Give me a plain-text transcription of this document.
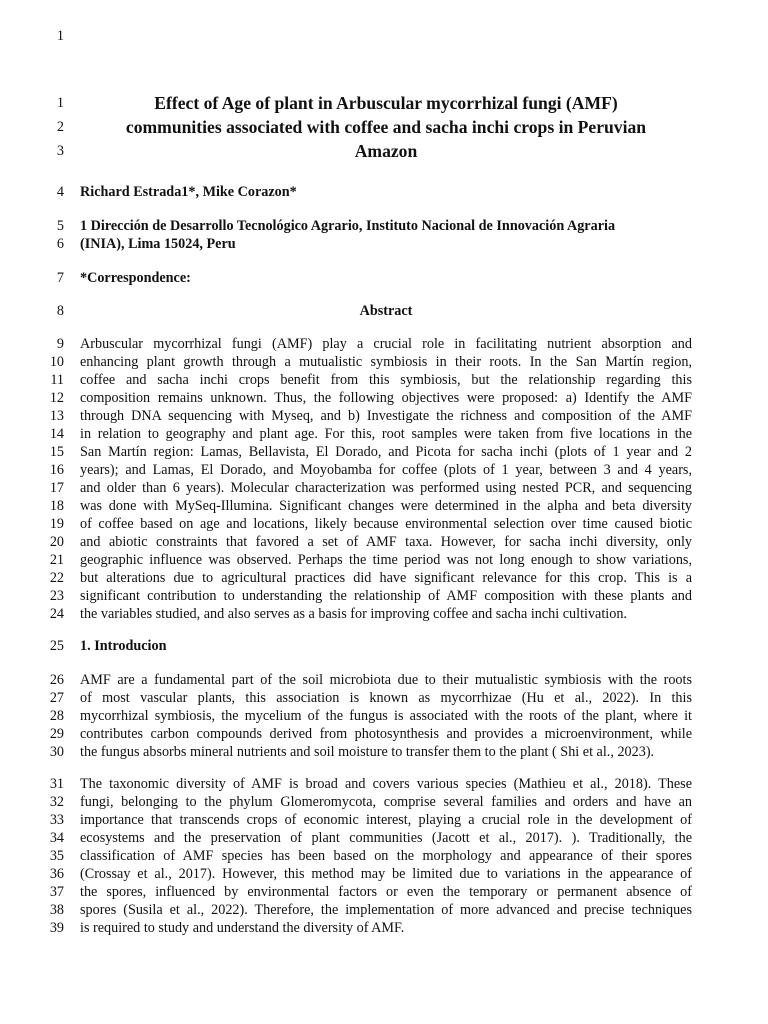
1
1	Effect of Age of plant in Arbuscular mycorrhizal fungi (AMF)
2	communities associated with coffee and sacha inchi crops in Peruvian
3	Amazon
4 Richard Estrada1*, Mike Corazon*
5 1 Dirección de Desarrollo Tecnológico Agrario, Instituto Nacional de Innovación Agraria
6 (INIA), Lima 15024, Peru
7 *Correspondence:
8	Abstract
9 Arbuscular mycorrhizal fungi (AMF) play a crucial role in facilitating nutrient absorption and
10 enhancing plant growth through a mutualistic symbiosis in their roots. In the San Martín region,
11 coffee and sacha inchi crops benefit from this symbiosis, but the relationship regarding this
12 composition remains unknown. Thus, the following objectives were proposed: a) Identify the AMF
13 through DNA sequencing with Myseq, and b) Investigate the richness and composition of the AMF
14 in relation to geography and plant age. For this, root samples were taken from five locations in the
15 San Martín region: Lamas, Bellavista, El Dorado, and Picota for sacha inchi (plots of 1 year and 2
16 years); and Lamas, El Dorado, and Moyobamba for coffee (plots of 1 year, between 3 and 4 years,
17 and older than 6 years). Molecular characterization was performed using nested PCR, and sequencing
18 was done with MySeq-Illumina. Significant changes were determined in the alpha and beta diversity
19 of coffee based on age and locations, likely because environmental selection over time caused biotic
20 and abiotic constraints that favored a set of AMF taxa. However, for sacha inchi diversity, only
21 geographic influence was observed. Perhaps the time period was not long enough to show variations,
22 but alterations due to agricultural practices did have significant relevance for this crop. This is a
23 significant contribution to understanding the relationship of AMF composition with these plants and
24 the variables studied, and also serves as a basis for improving coffee and sacha inchi cultivation.
25 1. Introducion
26 AMF are a fundamental part of the soil microbiota due to their mutualistic symbiosis with the roots
27 of most vascular plants, this association is known as mycorrhizae (Hu et al., 2022). In this
28 mycorrhizal symbiosis, the mycelium of the fungus is associated with the roots of the plant, where it
29 contributes carbon compounds derived from photosynthesis and provides a microenvironment, while
30 the fungus absorbs mineral nutrients and soil moisture to transfer them to the plant ( Shi et al., 2023).
31 The taxonomic diversity of AMF is broad and covers various species (Mathieu et al., 2018). These
32 fungi, belonging to the phylum Glomeromycota, comprise several families and orders and have an
33 importance that transcends crops of economic interest, playing a crucial role in the development of
34 ecosystems and the preservation of plant communities (Jacott et al., 2017). ). Traditionally, the
35 classification of AMF species has been based on the morphology and appearance of their spores
36 (Crossay et al., 2017). However, this method may be limited due to variations in the appearance of
37 the spores, influenced by environmental factors or even the temporary or permanent absence of
38 spores (Susila et al., 2022). Therefore, the implementation of more advanced and precise techniques
39 is required to study and understand the diversity of AMF.
